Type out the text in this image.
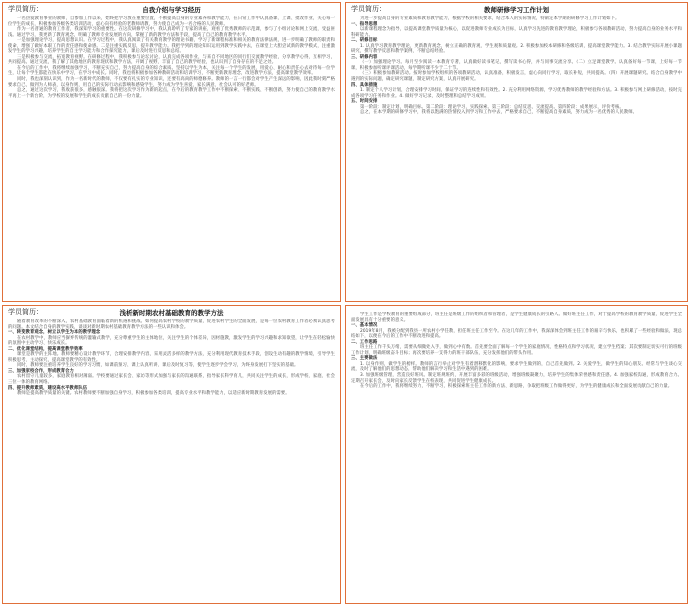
学员简历：	自我介绍与学习经历

一名热爱教育事业的教师，自参加工作以来，始终把学习放在重要位置，不断提高自身的专业素养和教学能力，在日常工作中认真备课、上课、批改作业，关心每一位学生的成长，积极参加各级各类培训活动，虚心向有经验的老教师请教，努力使自己成为一名合格的人民教师。

作为一名普通的教育工作者，我深知学习的重要性。在这次研修学习中，我认真聆听了专家的讲座，观看了优秀教师的示范课，参与了小组讨论和网上交流，受益匪浅。通过学习，我更新了教育观念，明确了教师专业发展的方向，掌握了新的教学方法和手段，提高了自己的教育教学水平。

一是加强理论学习，提高思想认识。在学习过程中，我认真阅读了有关教育教学的理论书籍，学习了新课程标准和相关的教育法律法规，进一步明确了教师的职责和使命，增强了做好本职工作的责任感和使命感。二是注重实践反思，提升教学能力。我把学到的理论知识运用到教学实践中去，在课堂上大胆尝试新的教学模式，注重激发学生的学习兴趣，培养学生的自主学习能力和合作探究能力，课后及时进行反思和总结。

三是积极参与交流，拓宽教育视野。在研修过程中，我积极参与论坛讨论，认真完成各项作业，与来自不同地区的同行们交流教学经验，分享教学心得，互相学习，共同提高。通过交流，我了解了其他地区的教育现状和教学方法，开阔了视野，丰富了自己的教学经验，也认识到了自身存在的不足之处。

在今后的工作中，我将继续加强学习，不断充实自己，努力提高自身的综合素质。坚持以学生为本，关注每一个学生的发展，用爱心、耐心和责任心去对待每一位学生，让每个学生都能在快乐中学习，在学习中成长。同时，我也将积极参加各种教研活动和培训学习，不断更新教育理念，改进教学方法，提高课堂教学效率。

同时，我也深刻认识到，作为一名新时代的教师，不仅要有扎实的专业知识，还要有高尚的师德修养。教师的一言一行都会对学生产生深远的影响，因此我时刻严格要求自己，做到为人师表，以身作则，用自己的实际行动去影响和感染学生，努力成为学生喜爱、家长满意、社会认可的好老师。

总之，通过这次学习，我收获很多，感触很深。我将把这次学习作为新的起点，在今后的教育教学工作中不断探索、不断实践、不断创新，努力使自己的教育教学水平再上一个新台阶，为学校的发展和学生的成长贡献自己的一份力量。

学员简历：	教师研修学习工作计划

为进一步提高自身的专业素质和教育教学能力，根据学校的相关要求，结合本人的实际情况，特制定本学期的研修学习工作计划如下。

一、指导思想

以新课程理念为指导，以提高课堂教学质量为核心，以促进教师专业成长为目标，认真学习先进的教育教学理论，积极参与各项教研活动，努力提高自身的业务水平和科研能力。

二、研修目标

1. 认真学习教育教学理论，更新教育观念，树立正确的教育观、学生观和质量观。2. 积极参加校本研修和各级培训，提高课堂教学能力。3. 结合教学实际开展小课题研究，撰写教学反思和教学案例，不断总结经验。

三、研修内容

（一）加强理论学习。每月至少阅读一本教育专著，认真做好读书笔记，撰写读书心得，并与同事交流分享。（二）立足课堂教学。认真备好每一节课，上好每一节课，积极参加听课评课活动，每学期听课不少于二十节。

（三）积极参加教研活动。按时参加学校组织的各项教研活动，认真准备，积极发言，虚心向同行学习，取长补短，共同提高。（四）开展课题研究。结合自身教学中遇到的实际问题，确定研究课题，制定研究方案，认真开展研究。

四、具体措施

1. 制定个人学习计划，合理安排学习时间，保证学习的连续性和有效性。2. 充分利用网络资源，学习优秀教师的教学经验和方法。3. 积极参与网上研修活动，按时完成各项学习任务和作业。4. 做好学习记录，及时整理和总结学习成果。

五、时间安排

第一阶段：制定计划，明确目标。第二阶段：理论学习，实践探索。第三阶段：总结反思，交流提高。第四阶段：成果展示，评价考核。

总之，在本学期的研修学习中，我将以饱满的热情投入到学习和工作中去，严格要求自己，不断提高自身素质，努力成为一名优秀的人民教师。

学员简历：	浅析新时期农村基础教育的教学方法

随着教育改革的不断深入，农村基础教育面临着新的机遇和挑战。如何提高农村学校的教学质量，促进农村学生的全面发展，是每一位农村教育工作者必须认真思考的问题。本文结合自身的教学实践，谈谈对新时期农村基础教育教学方法的一些认识和体会。

一、转变教育观念，树立以学生为本的教学理念

在农村教学中，教师应当摒弃传统的灌输式教学，充分尊重学生的主体地位，关注学生的个体差异，因材施教，激发学生的学习兴趣和求知欲望，让学生在轻松愉快的氛围中主动学习、快乐成长。

二、优化课堂结构，提高课堂教学效率

课堂是教学的主阵地。教师要精心设计教学环节，合理安排教学内容，采用灵活多样的教学方法，充分利用现代教育技术手段，创设生动有趣的教学情境，引导学生积极思考、主动探究，提高课堂教学的有效性。

同时，教师要注重培养学生良好的学习习惯，如课前预习、课上认真听讲、课后及时复习等，使学生逐步学会学习，为终身发展打下坚实的基础。

三、加强家校合作，形成教育合力

农村留守儿童较多，家庭教育相对薄弱。学校要通过家长会、家访等形式加强与家长的沟通联系，指导家长科学育儿，共同关注学生的成长，形成学校、家庭、社会三位一体的教育网络。

四、提升教师素质，建设高水平教师队伍

教师是提高教学质量的关键。农村教师要不断加强自身学习，积极参加各类培训，提高专业水平和教学能力，以适应新时期教育发展的需要。

学生工作是学校教育的重要组成部分，班主任是班级工作的组织者和管理者，是学生健康成长的引路人。做好班主任工作，对于提高学校的教育教学质量，促进学生全面发展具有十分重要的意义。

一、基本情况

2019年8月，我被分配到我县一所农村小学任教，担任班主任工作至今。在这几年的工作中，我深深体会到班主任工作的艰辛与快乐，也积累了一些经验和做法，现总结如下，以便在今后的工作中不断改进和提高。

二、工作思路

班主任工作千头万绪，需要从细微处入手，做到心中有数。首先要全面了解每一个学生的家庭情况、性格特点和学习状况，建立学生档案；其次要制定切实可行的班级工作计划，明确班级奋斗目标；再次要培养一支得力的班干部队伍，充分发挥他们的带头作用。

三、主要做法

1. 以身作则，做学生的榜样。教师的言行举止对学生有着潜移默化的影响，要求学生做到的，自己首先做到。2. 关爱学生，做学生的知心朋友。经常与学生谈心交流，及时了解他们的思想动态，帮助他们解决学习和生活中遇到的困难。

3. 加强班级管理，营造良好班风。制定班规班约，开展丰富多彩的班级活动，增强班级凝聚力，培养学生的集体荣誉感和责任感。4. 加强家校沟通，形成教育合力。定期召开家长会，及时向家长反馈学生在校表现，共同促进学生健康成长。

在今后的工作中，我将继续努力，不断学习，积极探索班主任工作的新方法、新思路，争取把班级工作做得更好，为学生的健康成长和全面发展贡献自己的力量。
